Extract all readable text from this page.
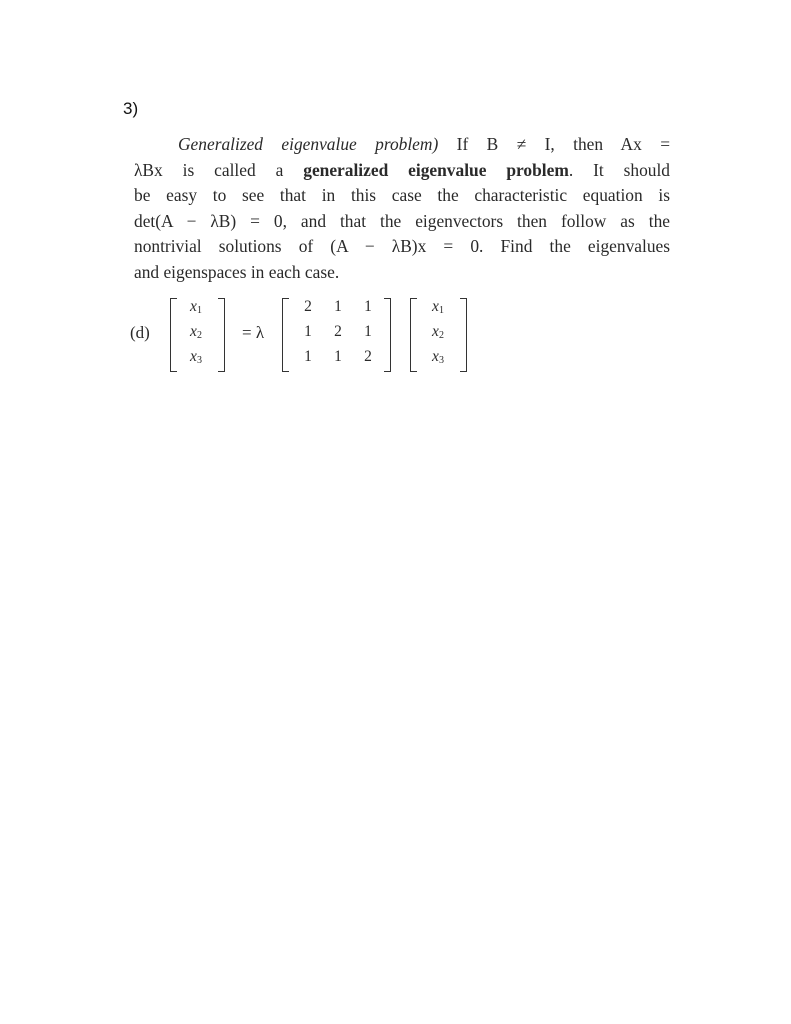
3)
Generalized eigenvalue problem) If B ≠ I, then Ax =
λBx is called a generalized eigenvalue problem. It should
be easy to see that in this case the characteristic equation is
det(A − λB) = 0, and that the eigenvectors then follow as the
nontrivial solutions of (A − λB)x = 0. Find the eigenvalues
and eigenspaces in each case.
(d)
$x_1$
$x_2$
$x_3$
= λ
2	1	1
1	2	1
1	1	2
$x_1$
$x_2$
$x_3$
